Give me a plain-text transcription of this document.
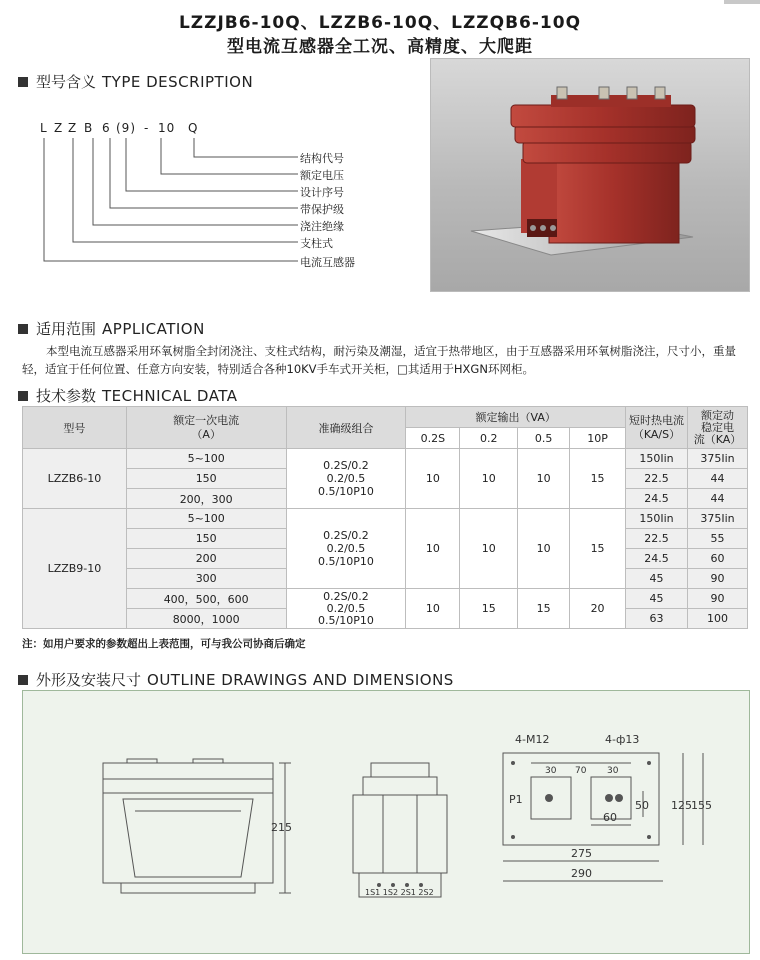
LZZJB6-10Q、LZZB6-10Q、LZZQB6-10Q
型电流互感器全工况、高精度、大爬距
型号含义 TYPE DESCRIPTION
L Z Z B 6 (9) - 10 Q
结构代号
额定电压
设计序号
带保护级
浇注绝缘
支柱式
电流互感器
适用范围 APPLICATION
本型电流互感器采用环氧树脂全封闭浇注、支柱式结构，耐污染及潮湿，适宜于热带地区，由于互感器采用环氧树脂浇注，尺寸小，重量轻，适宜于任何位置、任意方向安装，特别适合各种10KV手车式开关柜，□其适用于HXGN环网柜。
技术参数 TECHNICAL DATA
型号	额定一次电流
（A）	准确级组合	额定输出（VA）				短时热电流
（KA/S）	额定动
稳定电
流（KA）
			0.2S	0.2	0.5	10P		
LZZB6-10	5~100	0.2S/0.2
0.2/0.5
0.5/10P10	10	10	10	15	150Iin	375Iin
	150						22.5	44
	200，300						24.5	44
LZZB9-10	5~100	0.2S/0.2
0.2/0.5
0.5/10P10	10	10	10	15	150Iin	375Iin
	150						22.5	55
	200						24.5	60
	300						45	90
	400，500，600	0.2S/0.2
0.2/0.5
0.5/10P10	10	15	15	20	45	90
	8000，1000						63	100
注：如用户要求的参数超出上表范围，可与我公司协商后确定
外形及安装尺寸 OUTLINE DRAWINGS AND DIMENSIONS
215
4-M12	4-ф13
30 70 30
P1	50
60
125 155
275
290
1S1 1S2 2S1 2S2
